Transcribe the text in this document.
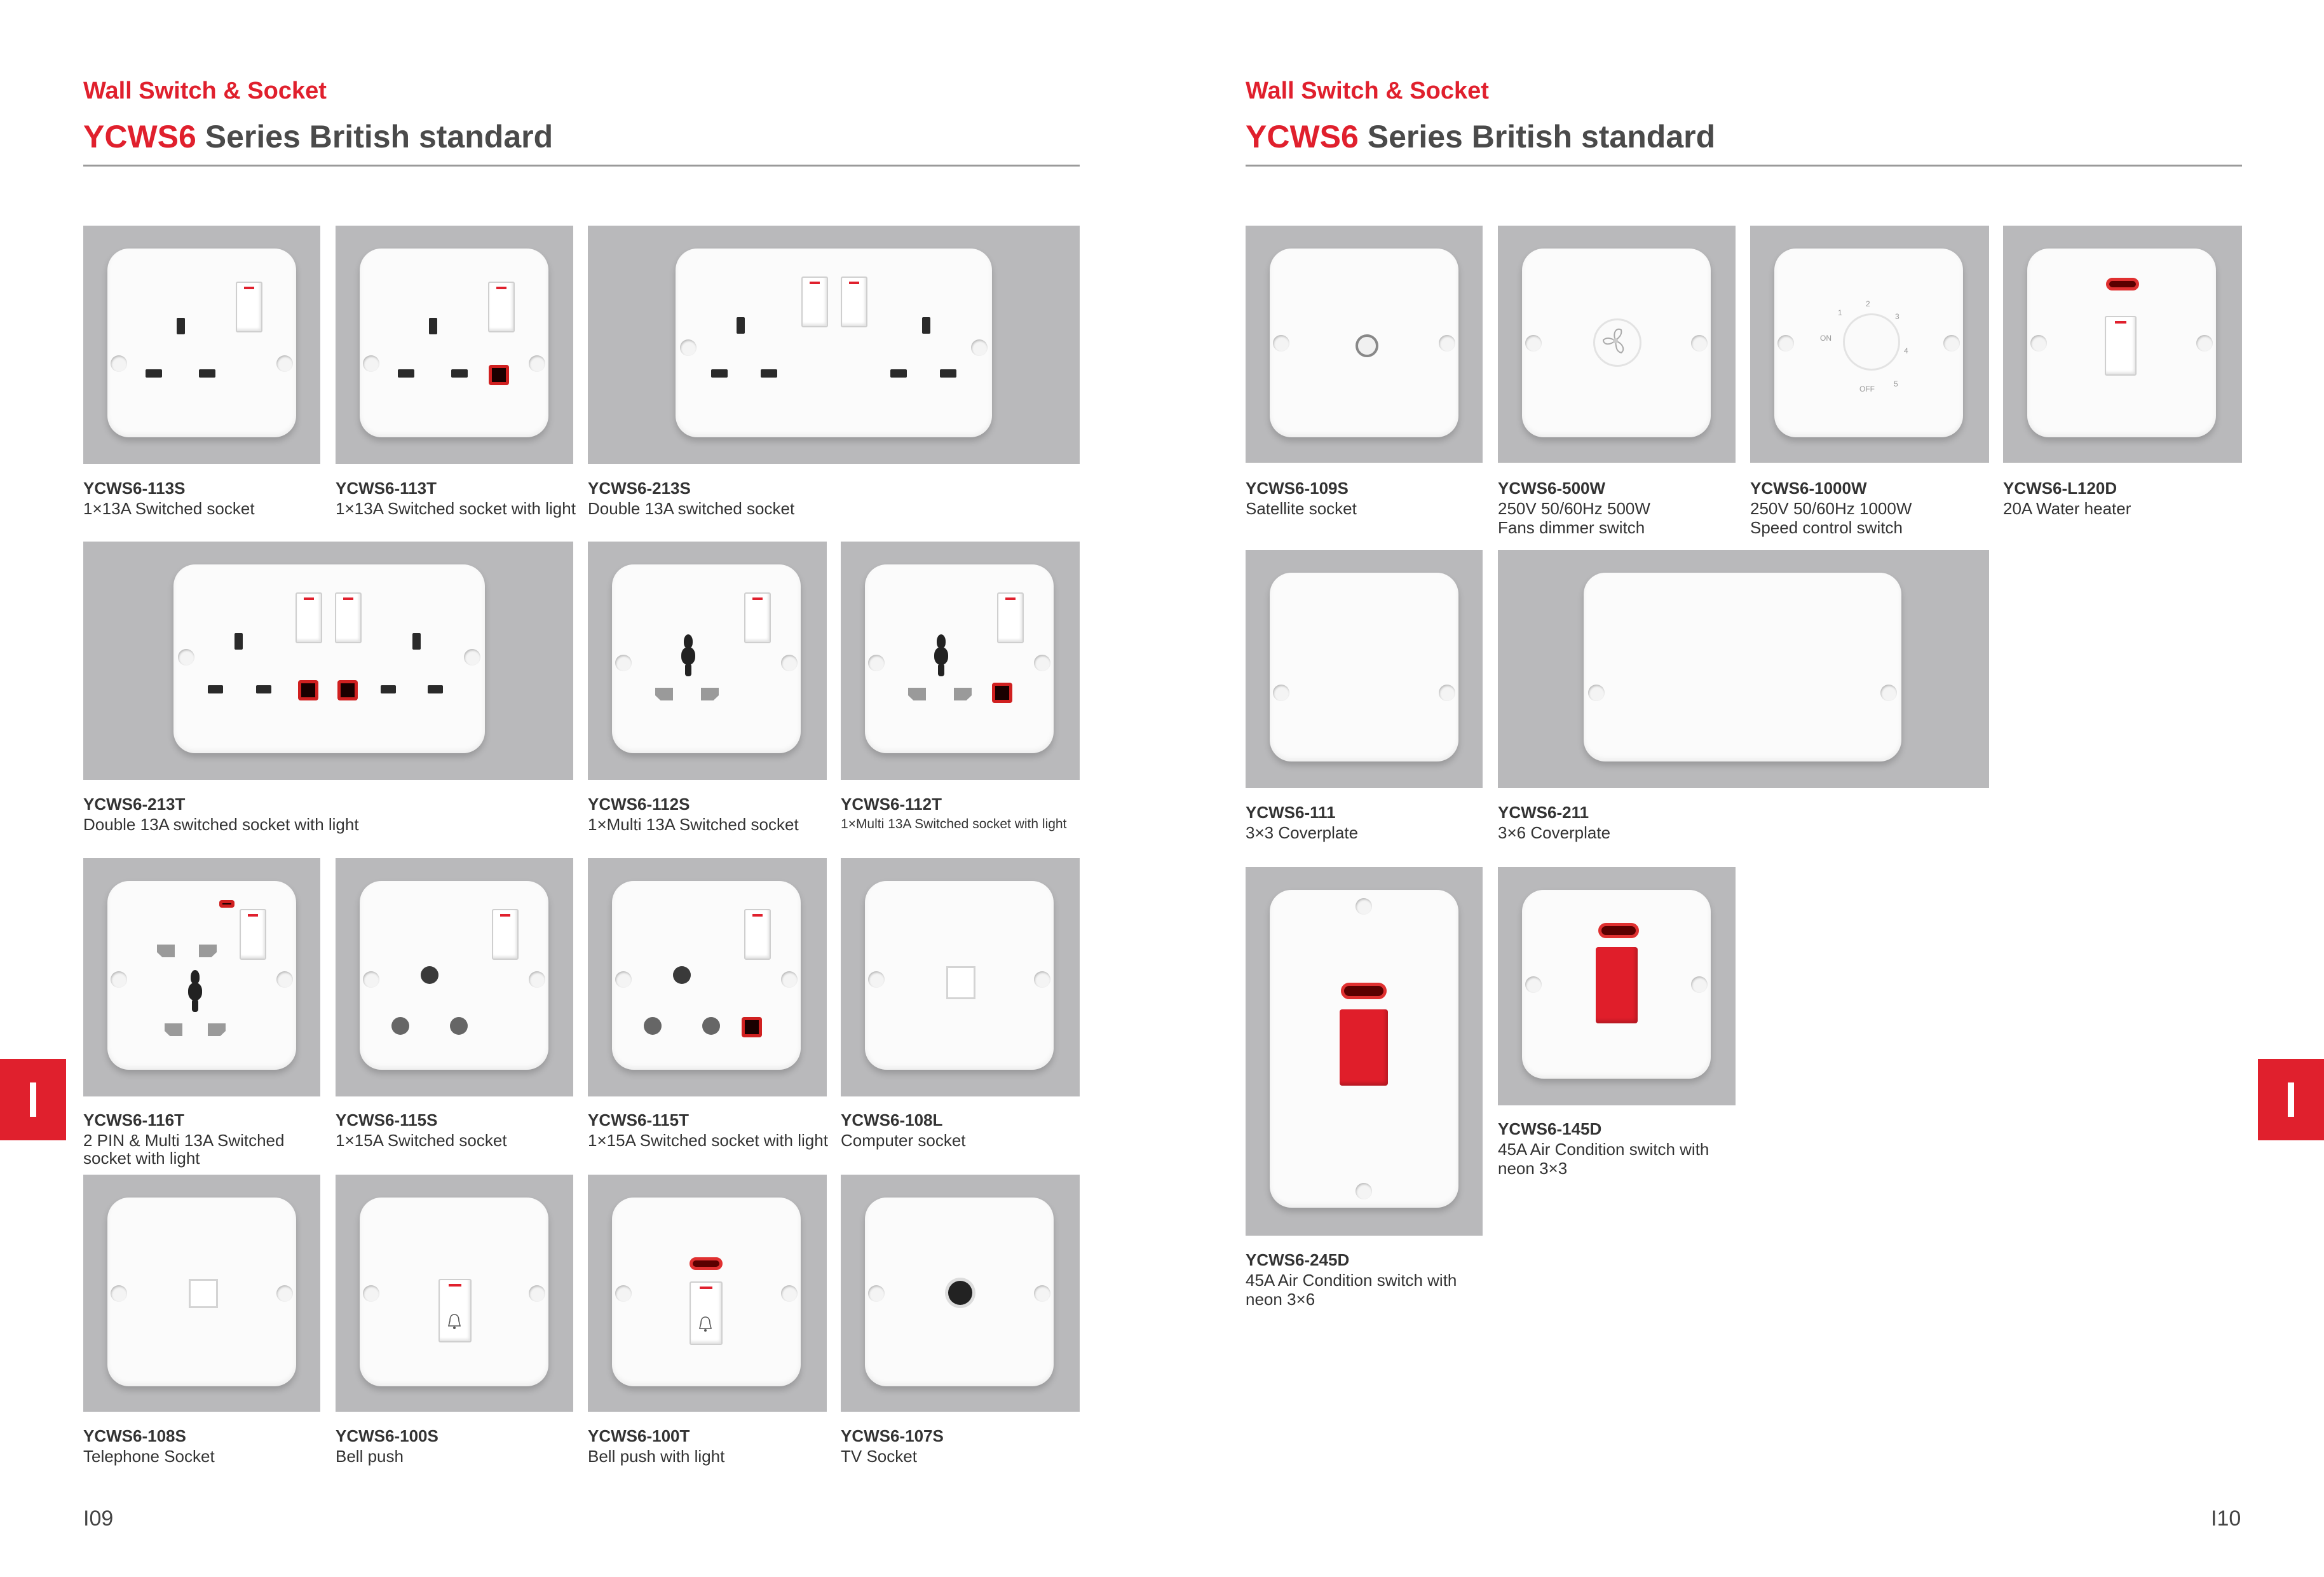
Wall Switch & Socket
YCWS6 Series British standard
YCWS6-113S
1×13A Switched socket
YCWS6-113T
1×13A Switched socket with light
YCWS6-213S
Double 13A switched socket
YCWS6-213T
Double 13A switched socket with light
YCWS6-112S
1×Multi 13A Switched socket
YCWS6-112T
1×Multi 13A Switched socket with light
YCWS6-116T
2 PIN & Multi 13A Switched
socket with light
YCWS6-115S
1×15A Switched socket
YCWS6-115T
1×15A Switched socket with light
YCWS6-108L
Computer socket
YCWS6-108S
Telephone Socket
YCWS6-100S
Bell push
YCWS6-100T
Bell push with light
YCWS6-107S
TV Socket
I09
Wall Switch & Socket
YCWS6 Series British standard
ON
OFF
1
2
3
4
5
YCWS6-109S
Satellite socket
YCWS6-500W
250V 50/60Hz 500W
Fans dimmer switch
YCWS6-1000W
250V 50/60Hz 1000W
Speed control switch
YCWS6-L120D
20A Water heater
YCWS6-111
3×3 Coverplate
YCWS6-211
3×6 Coverplate
YCWS6-245D
45A Air Condition switch with
neon 3×6
YCWS6-145D
45A Air Condition switch with
neon 3×3
I10
